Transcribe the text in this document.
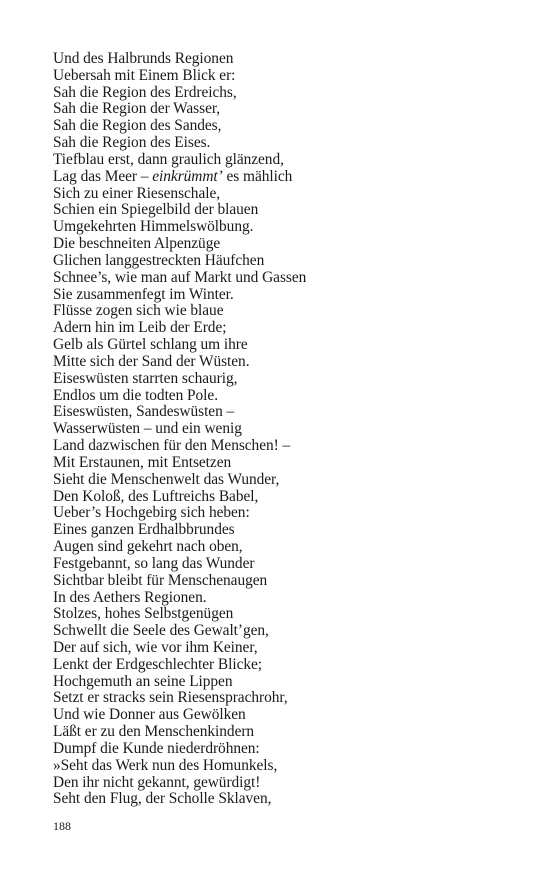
Und des Halbrunds Regionen
Uebersah mit Einem Blick er:
Sah die Region des Erdreichs,
Sah die Region der Wasser,
Sah die Region des Sandes,
Sah die Region des Eises.
Tiefblau erst, dann graulich glänzend,
Lag das Meer – einkrümmt’ es mählich
Sich zu einer Riesenschale,
Schien ein Spiegelbild der blauen
Umgekehrten Himmelswölbung.
Die beschneiten Alpenzüge
Glichen langgestreckten Häufchen
Schnee’s, wie man auf Markt und Gassen
Sie zusammenfegt im Winter.
Flüsse zogen sich wie blaue
Adern hin im Leib der Erde;
Gelb als Gürtel schlang um ihre
Mitte sich der Sand der Wüsten.
Eiseswüsten starrten schaurig,
Endlos um die todten Pole.
Eiseswüsten, Sandeswüsten –
Wasserwüsten – und ein wenig
Land dazwischen für den Menschen! –
Mit Erstaunen, mit Entsetzen
Sieht die Menschenwelt das Wunder,
Den Koloß, des Luftreichs Babel,
Ueber’s Hochgebirg sich heben:
Eines ganzen Erdhalbbrundes
Augen sind gekehrt nach oben,
Festgebannt, so lang das Wunder
Sichtbar bleibt für Menschenaugen
In des Aethers Regionen.
Stolzes, hohes Selbstgenügen
Schwellt die Seele des Gewalt’gen,
Der auf sich, wie vor ihm Keiner,
Lenkt der Erdgeschlechter Blicke;
Hochgemuth an seine Lippen
Setzt er stracks sein Riesensprachrohr,
Und wie Donner aus Gewölken
Läßt er zu den Menschenkindern
Dumpf die Kunde niederdröhnen:
»Seht das Werk nun des Homunkels,
Den ihr nicht gekannt, gewürdigt!
Seht den Flug, der Scholle Sklaven,
188
